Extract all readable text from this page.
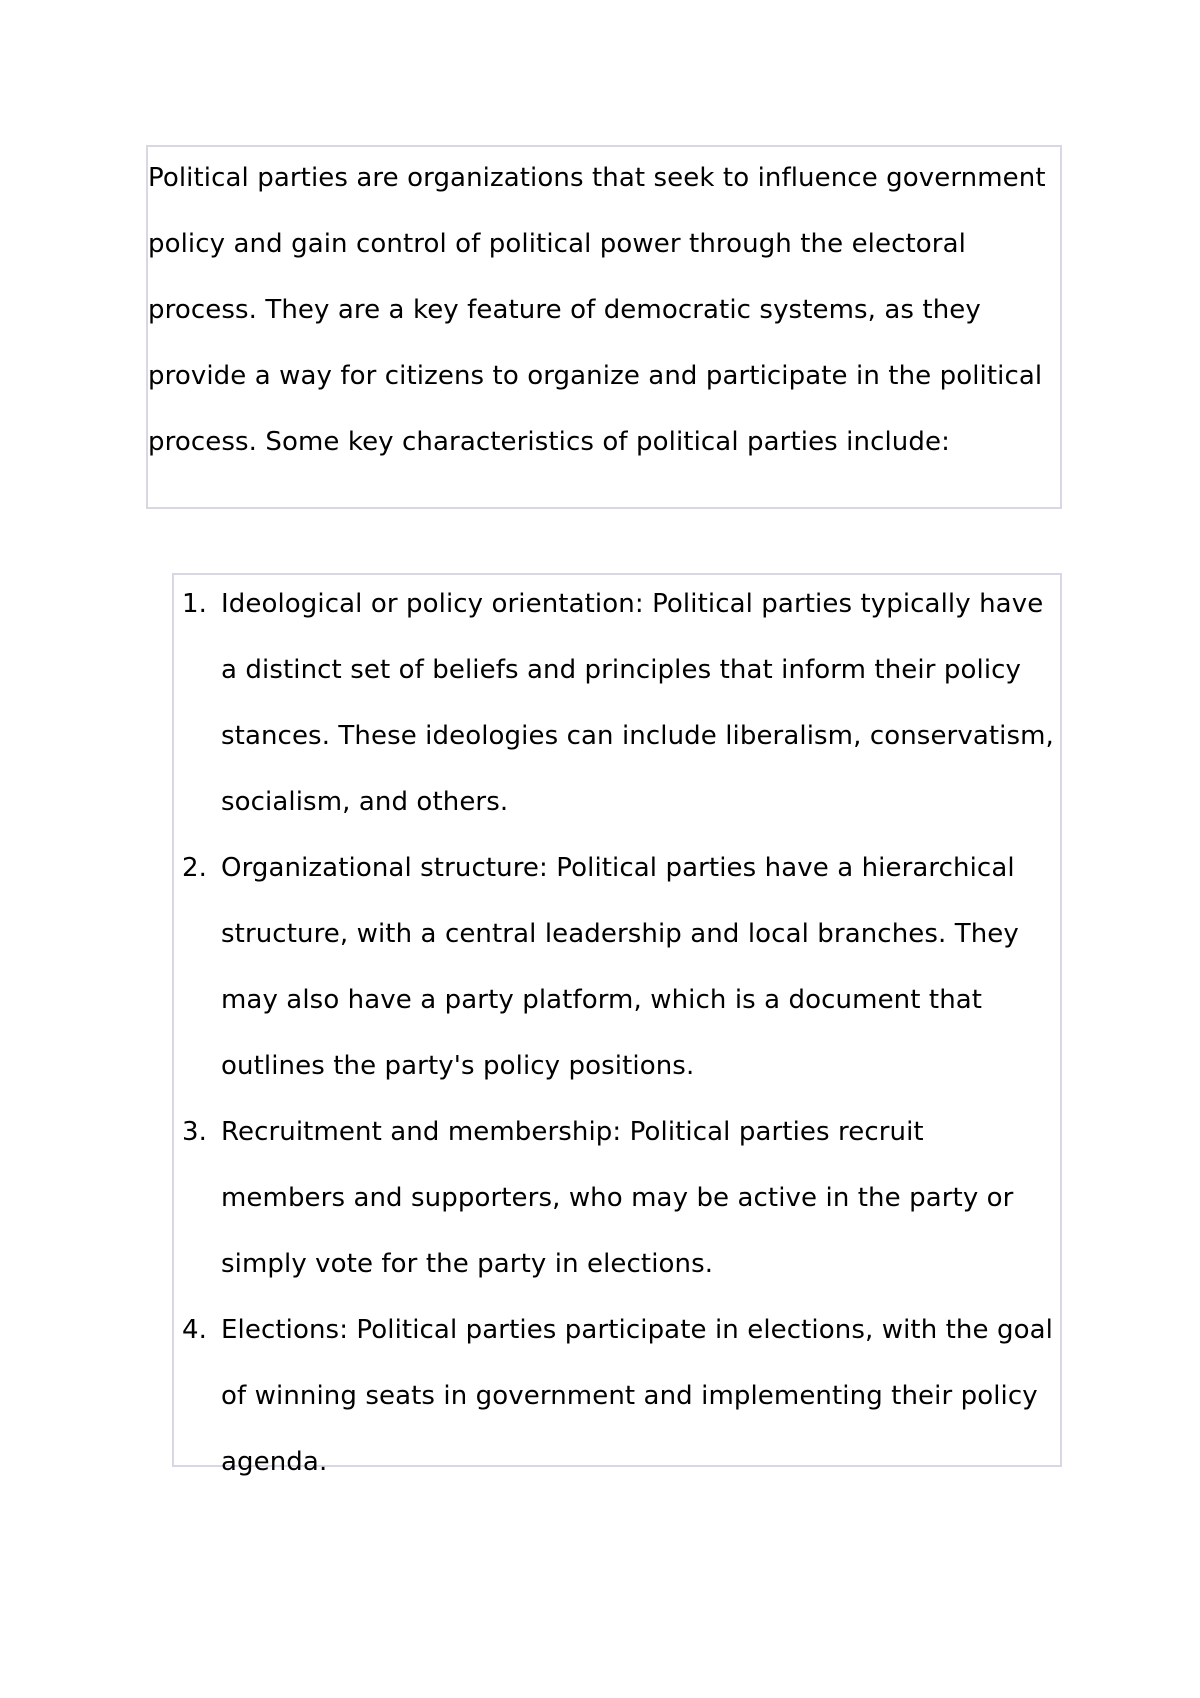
Political parties are organizations that seek to influence government policy and gain control of political power through the electoral process. They are a key feature of democratic systems, as they provide a way for citizens to organize and participate in the political process. Some key characteristics of political parties include:

1. Ideological or policy orientation: Political parties typically have a distinct set of beliefs and principles that inform their policy stances. These ideologies can include liberalism, conservatism, socialism, and others.
2. Organizational structure: Political parties have a hierarchical structure, with a central leadership and local branches. They may also have a party platform, which is a document that outlines the party's policy positions.
3. Recruitment and membership: Political parties recruit members and supporters, who may be active in the party or simply vote for the party in elections.
4. Elections: Political parties participate in elections, with the goal of winning seats in government and implementing their policy agenda.
